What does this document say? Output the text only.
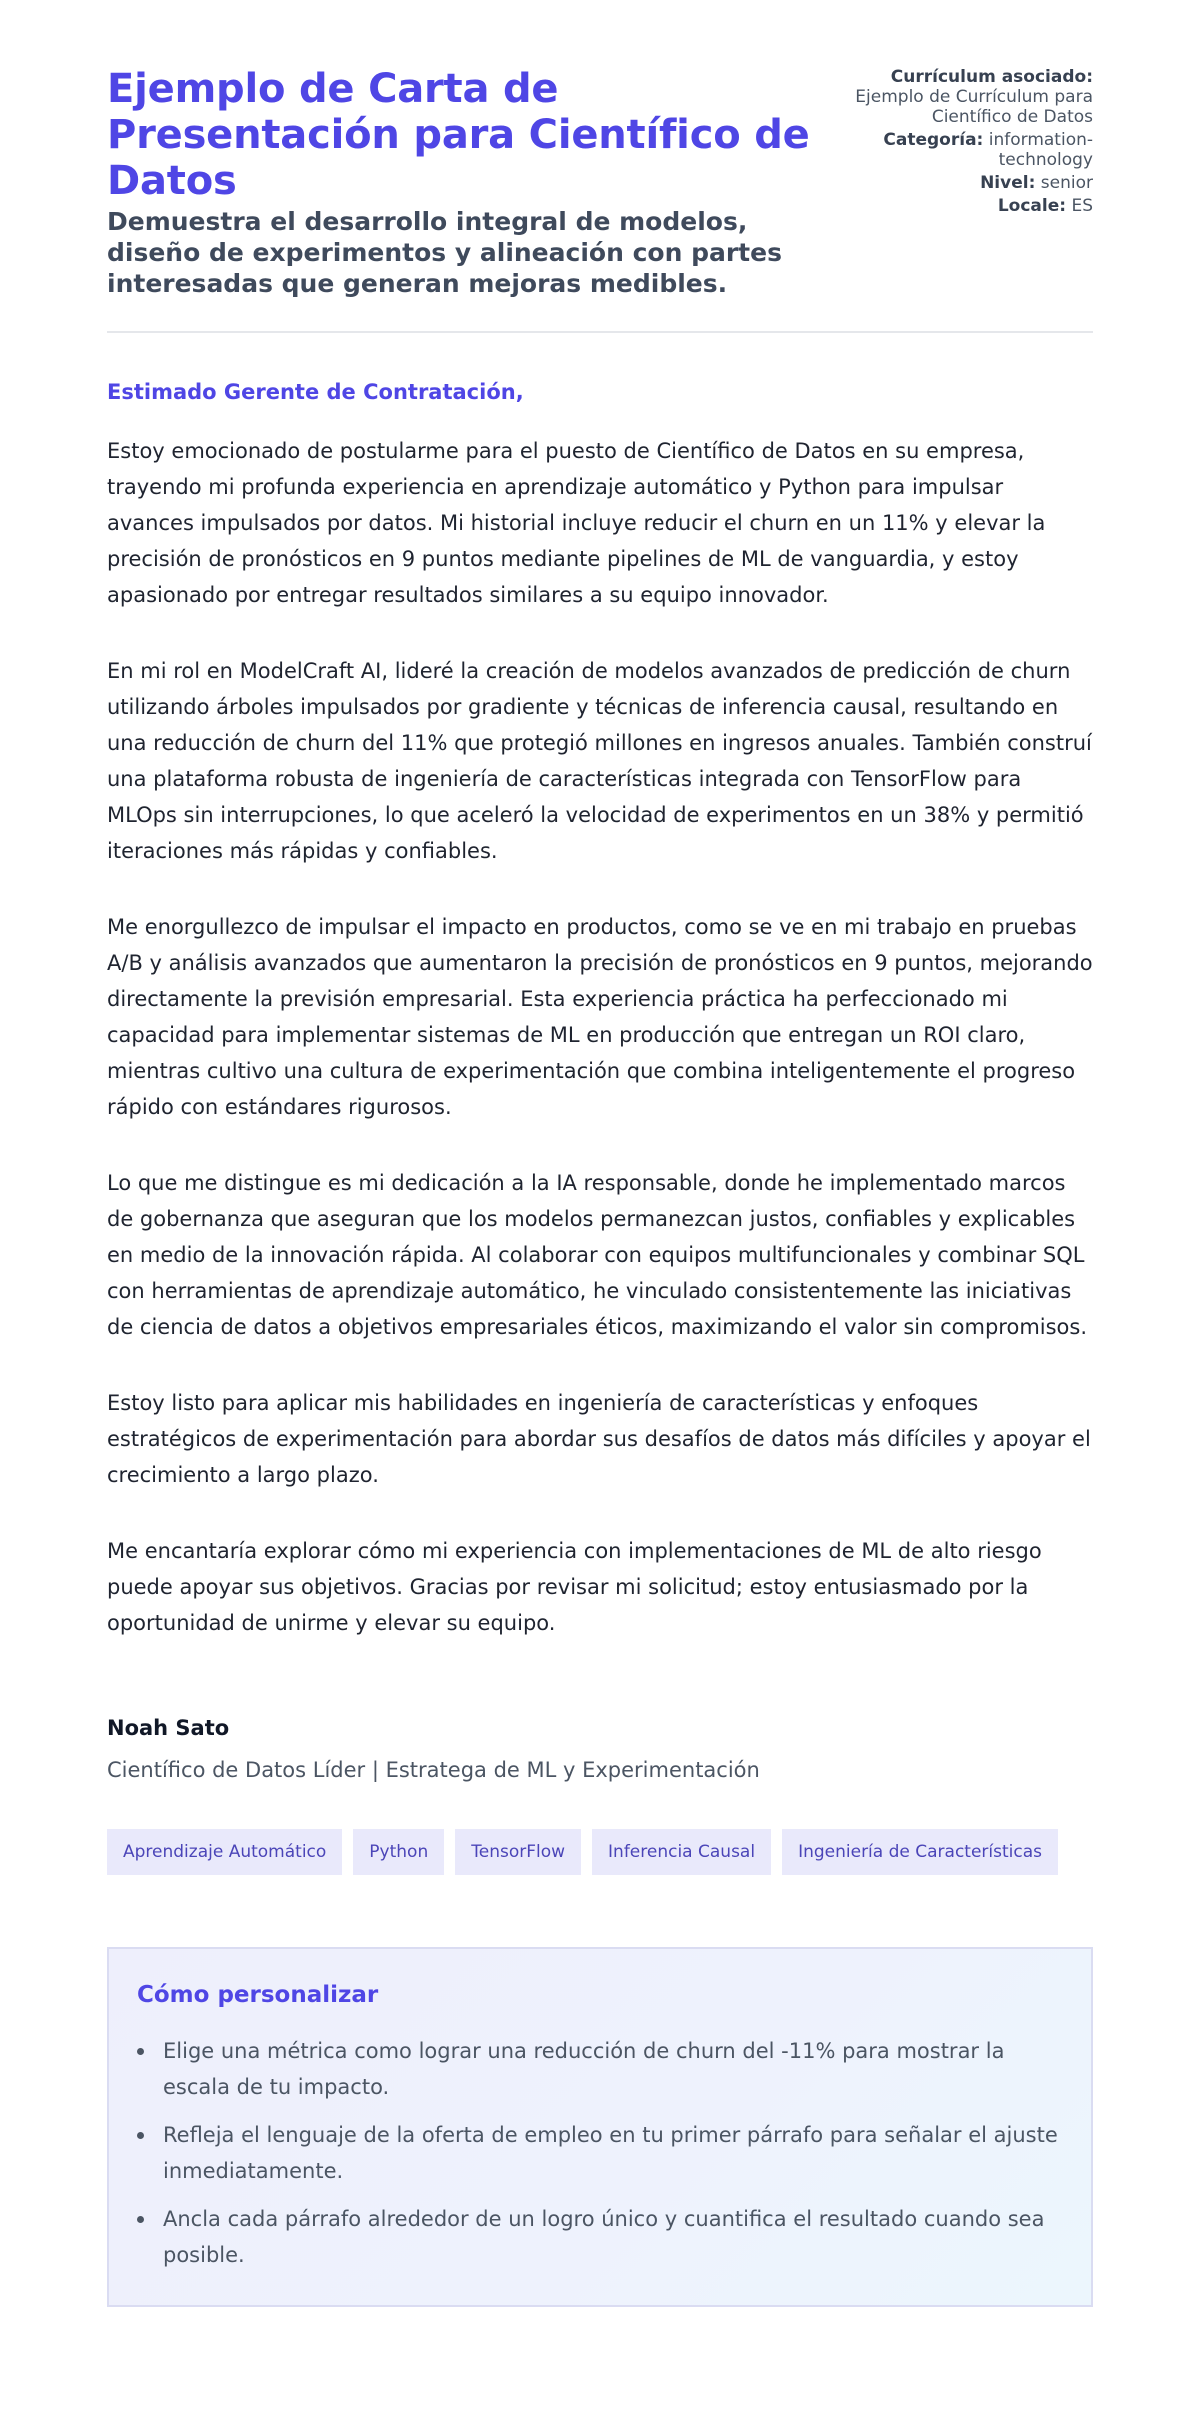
Ejemplo de Carta de Presentación para Científico de Datos
Demuestra el desarrollo integral de modelos, diseño de experimentos y alineación con partes interesadas que generan mejoras medibles.
Currículum asociado: Ejemplo de Currículum para Científico de Datos
Categoría: information-technology
Nivel: senior
Locale: ES

Estimado Gerente de Contratación,

Estoy emocionado de postularme para el puesto de Científico de Datos en su empresa, trayendo mi profunda experiencia en aprendizaje automático y Python para impulsar avances impulsados por datos. Mi historial incluye reducir el churn en un 11% y elevar la precisión de pronósticos en 9 puntos mediante pipelines de ML de vanguardia, y estoy apasionado por entregar resultados similares a su equipo innovador.

En mi rol en ModelCraft AI, lideré la creación de modelos avanzados de predicción de churn utilizando árboles impulsados por gradiente y técnicas de inferencia causal, resultando en una reducción de churn del 11% que protegió millones en ingresos anuales. También construí una plataforma robusta de ingeniería de características integrada con TensorFlow para MLOps sin interrupciones, lo que aceleró la velocidad de experimentos en un 38% y permitió iteraciones más rápidas y confiables.

Me enorgullezco de impulsar el impacto en productos, como se ve en mi trabajo en pruebas A/B y análisis avanzados que aumentaron la precisión de pronósticos en 9 puntos, mejorando directamente la previsión empresarial. Esta experiencia práctica ha perfeccionado mi capacidad para implementar sistemas de ML en producción que entregan un ROI claro, mientras cultivo una cultura de experimentación que combina inteligentemente el progreso rápido con estándares rigurosos.

Lo que me distingue es mi dedicación a la IA responsable, donde he implementado marcos de gobernanza que aseguran que los modelos permanezcan justos, confiables y explicables en medio de la innovación rápida. Al colaborar con equipos multifuncionales y combinar SQL con herramientas de aprendizaje automático, he vinculado consistentemente las iniciativas de ciencia de datos a objetivos empresariales éticos, maximizando el valor sin compromisos.

Estoy listo para aplicar mis habilidades en ingeniería de características y enfoques estratégicos de experimentación para abordar sus desafíos de datos más difíciles y apoyar el crecimiento a largo plazo.

Me encantaría explorar cómo mi experiencia con implementaciones de ML de alto riesgo puede apoyar sus objetivos. Gracias por revisar mi solicitud; estoy entusiasmado por la oportunidad de unirme y elevar su equipo.

Noah Sato
Científico de Datos Líder | Estratega de ML y Experimentación
Aprendizaje Automático	Python	TensorFlow	Inferencia Causal	Ingeniería de Características
Cómo personalizar
Elige una métrica como lograr una reducción de churn del -11% para mostrar la escala de tu impacto.
Refleja el lenguaje de la oferta de empleo en tu primer párrafo para señalar el ajuste inmediatamente.
Ancla cada párrafo alrededor de un logro único y cuantifica el resultado cuando sea posible.
